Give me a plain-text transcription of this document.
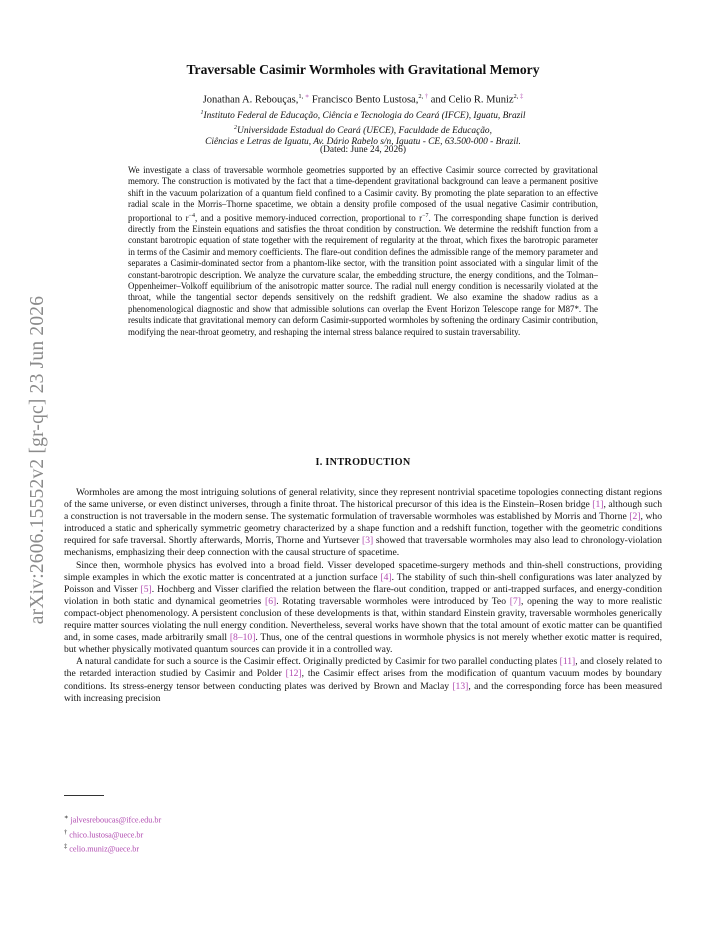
arXiv:2606.15552v2 [gr-qc] 23 Jun 2026
Traversable Casimir Wormholes with Gravitational Memory
Jonathan A. Rebouças,$^{1, ∗}$ Francisco Bento Lustosa,$^{2, \dagger}$ and Celio R. Muniz$^{2, \ddagger}$
$^1$Instituto Federal de Educação, Ciência e Tecnologia do Ceará (IFCE), Iguatu, Brazil
$^2$Universidade Estadual do Ceará (UECE), Faculdade de Educação,
Ciências e Letras de Iguatu, Av. Dário Rabelo s/n, Iguatu - CE, 63.500-000 - Brazil.
(Dated: June 24, 2026)

We investigate a class of traversable wormhole geometries supported by an effective Casimir source corrected by gravitational memory. The construction is motivated by the fact that a time-dependent gravitational background can leave a permanent positive shift in the vacuum polarization of a quantum field confined to a Casimir cavity. By promoting the plate separation to an effective radial scale in the Morris–Thorne spacetime, we obtain a density profile composed of the usual negative Casimir contribution, proportional to $r^{-4}$, and a positive memory-induced correction, proportional to $r^{-7}$. The corresponding shape function is derived directly from the Einstein equations and satisfies the throat condition by construction. We determine the redshift function from a constant barotropic equation of state together with the requirement of regularity at the throat, which fixes the barotropic parameter in terms of the Casimir and memory coefficients. The flare-out condition defines the admissible range of the memory parameter and separates a Casimir-dominated sector from a phantom-like sector, with the transition point associated with a singular limit of the constant-barotropic description. We analyze the curvature scalar, the embedding structure, the energy conditions, and the Tolman–Oppenheimer–Volkoff equilibrium of the anisotropic matter source. The radial null energy condition is necessarily violated at the throat, while the tangential sector depends sensitively on the redshift gradient. We also examine the shadow radius as a phenomenological diagnostic and show that admissible solutions can overlap the Event Horizon Telescope range for M87*. The results indicate that gravitational memory can deform Casimir-supported wormholes by softening the ordinary Casimir contribution, modifying the near-throat geometry, and reshaping the internal stress balance required to sustain traversability.

I. INTRODUCTION

Wormholes are among the most intriguing solutions of general relativity, since they represent nontrivial spacetime topologies connecting distant regions of the same universe, or even distinct universes, through a finite throat. The historical precursor of this idea is the Einstein–Rosen bridge [1], although such a construction is not traversable in the modern sense. The systematic formulation of traversable wormholes was established by Morris and Thorne [2], who introduced a static and spherically symmetric geometry characterized by a shape function and a redshift function, together with the geometric conditions required for safe traversal. Shortly afterwards, Morris, Thorne and Yurtsever [3] showed that traversable wormholes may also lead to chronology-violation mechanisms, emphasizing their deep connection with the causal structure of spacetime.

Since then, wormhole physics has evolved into a broad field. Visser developed spacetime-surgery methods and thin-shell constructions, providing simple examples in which the exotic matter is concentrated at a junction surface [4]. The stability of such thin-shell configurations was later analyzed by Poisson and Visser [5]. Hochberg and Visser clarified the relation between the flare-out condition, trapped or anti-trapped surfaces, and energy-condition violation in both static and dynamical geometries [6]. Rotating traversable wormholes were introduced by Teo [7], opening the way to more realistic compact-object phenomenology. A persistent conclusion of these developments is that, within standard Einstein gravity, traversable wormholes generically require matter sources violating the null energy condition. Nevertheless, several works have shown that the total amount of exotic matter can be quantified and, in some cases, made arbitrarily small [8–10]. Thus, one of the central questions in wormhole physics is not merely whether exotic matter is required, but whether physically motivated quantum sources can provide it in a controlled way.

A natural candidate for such a source is the Casimir effect. Originally predicted by Casimir for two parallel conducting plates [11], and closely related to the retarded interaction studied by Casimir and Polder [12], the Casimir effect arises from the modification of quantum vacuum modes by boundary conditions. Its stress-energy tensor between conducting plates was derived by Brown and Maclay [13], and the corresponding force has been measured with increasing precision

∗ jalvesreboucas@ifce.edu.br
† chico.lustosa@uece.br
‡ celio.muniz@uece.br
